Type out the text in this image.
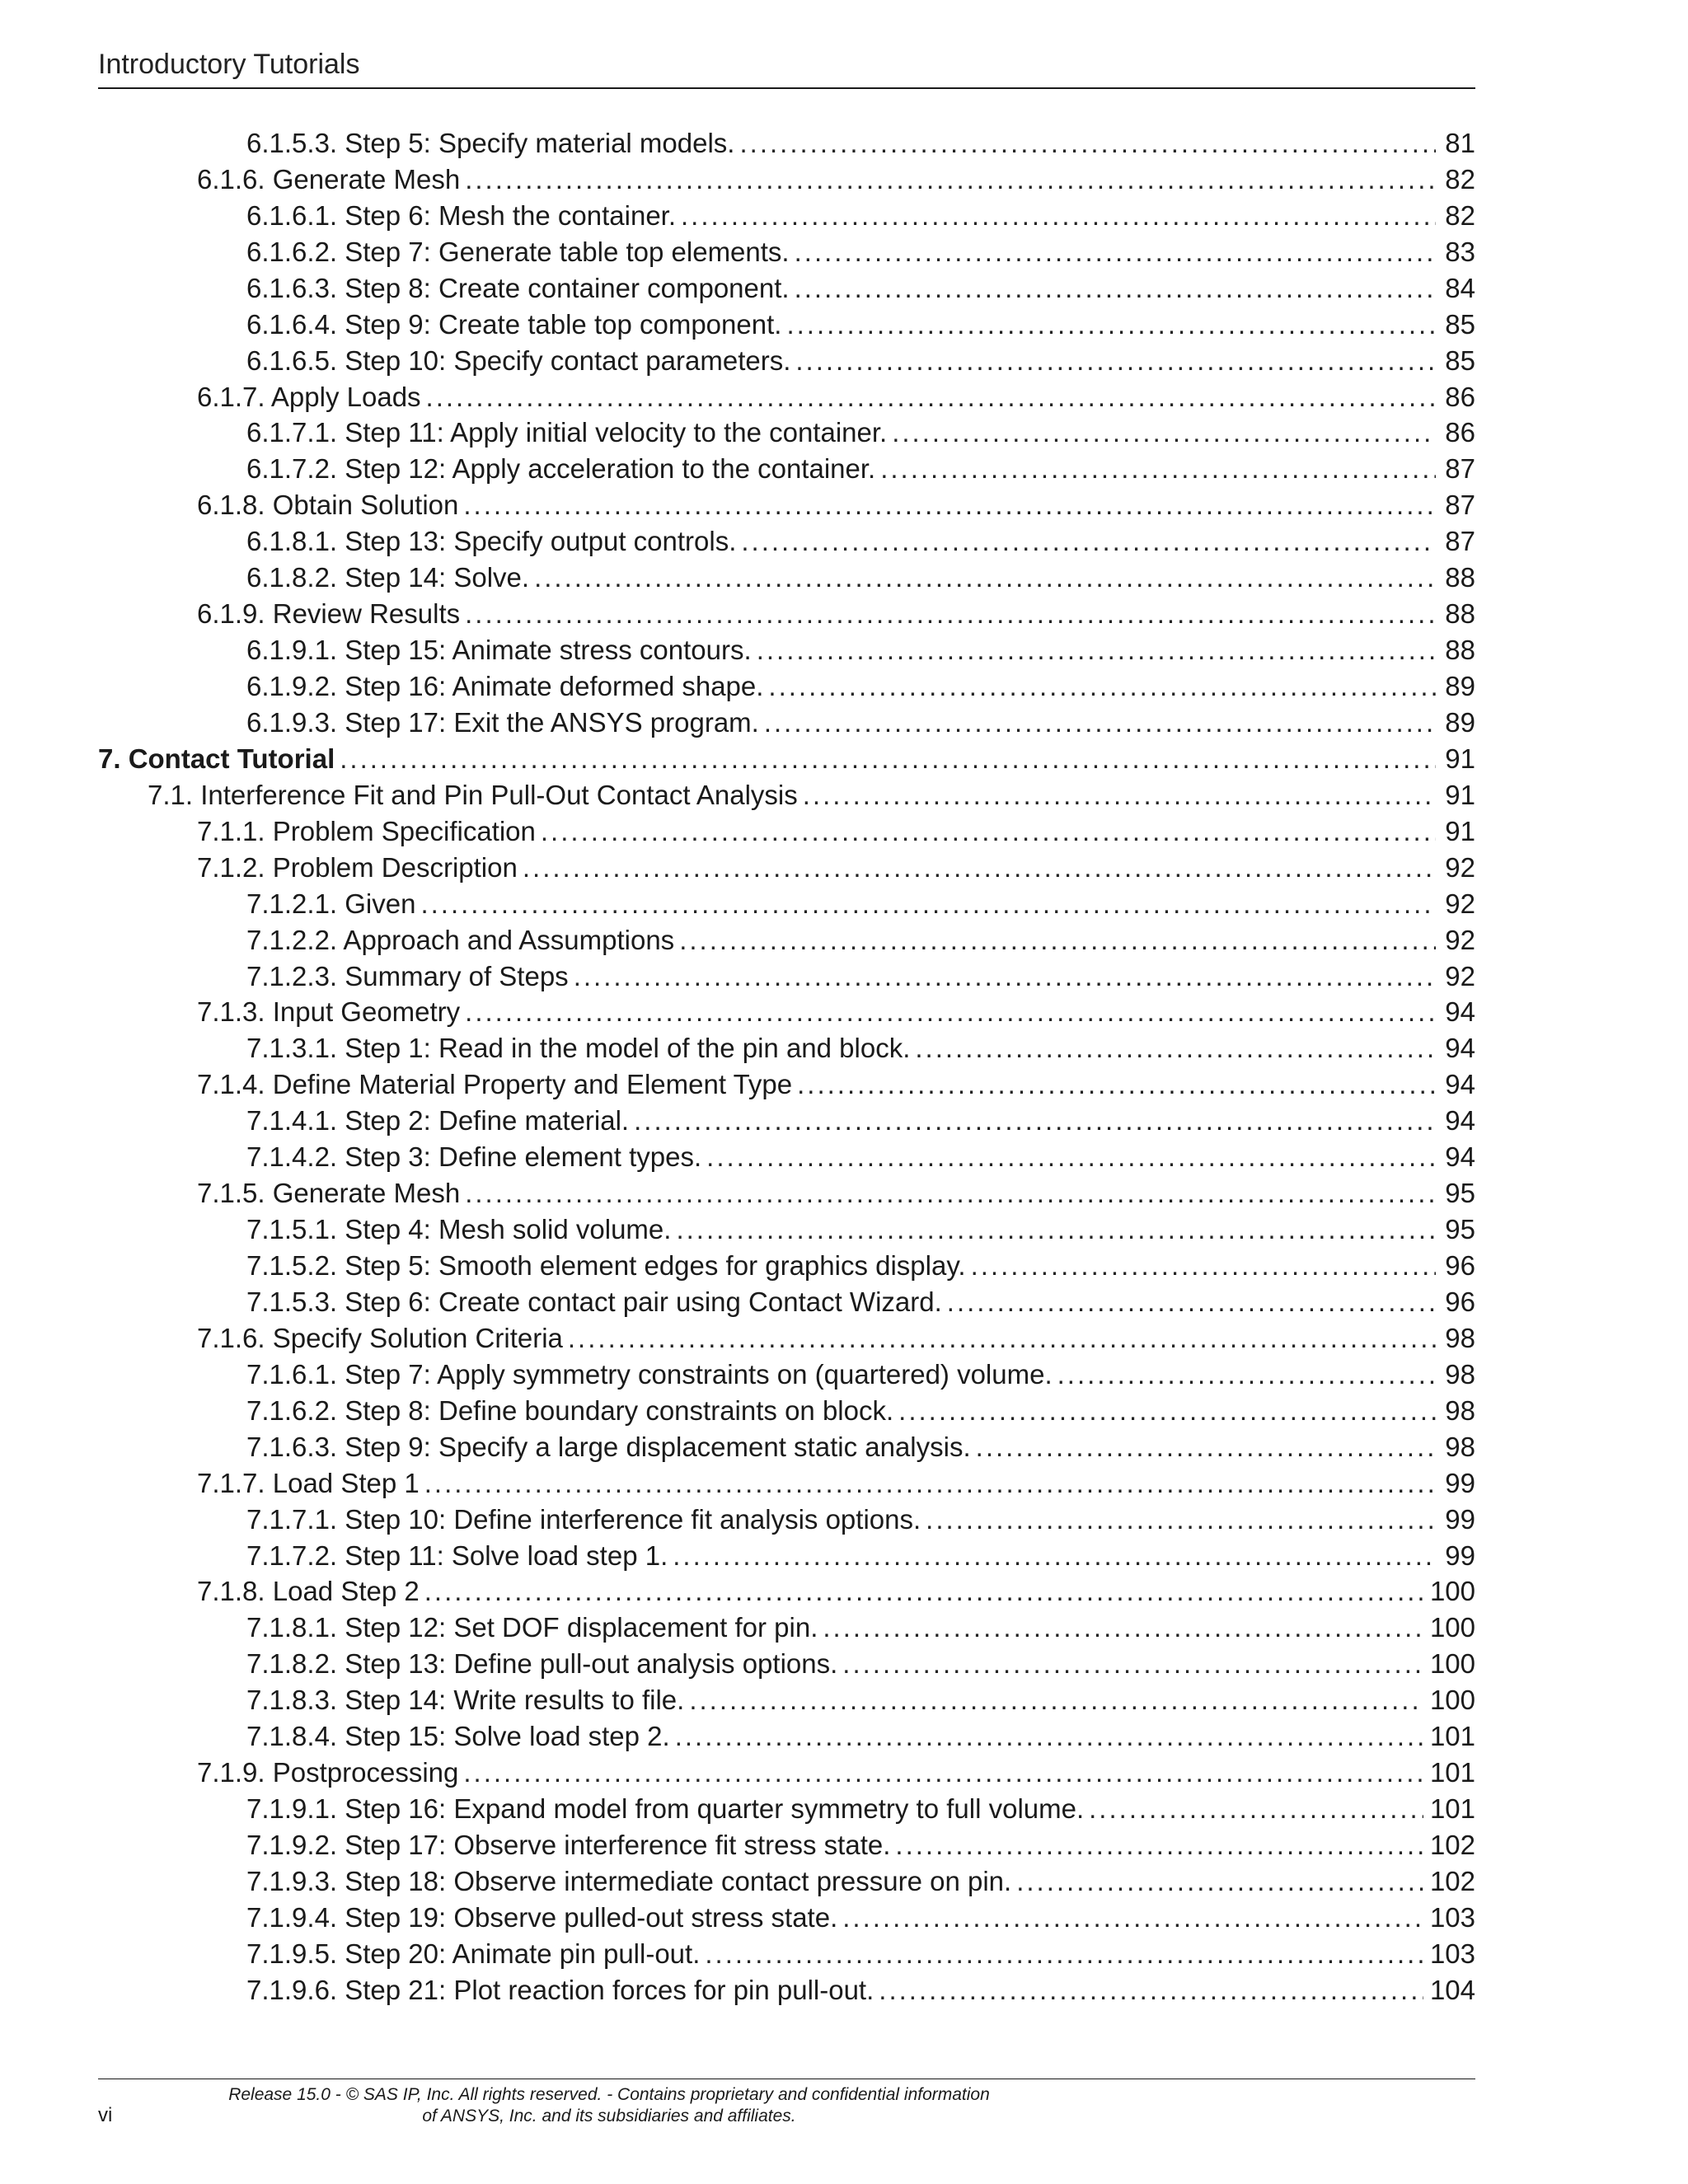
Introductory Tutorials
6.1.5.3. Step 5: Specify material models. .....	81
6.1.6. Generate Mesh .....	82
6.1.6.1. Step 6: Mesh the container. .....	82
6.1.6.2. Step 7: Generate table top elements. .....	83
6.1.6.3. Step 8: Create container component. .....	84
6.1.6.4. Step 9: Create table top component. .....	85
6.1.6.5. Step 10: Specify contact parameters. .....	85
6.1.7. Apply Loads .....	86
6.1.7.1. Step 11: Apply initial velocity to the container. .....	86
6.1.7.2. Step 12: Apply acceleration to the container. .....	87
6.1.8. Obtain Solution .....	87
6.1.8.1. Step 13: Specify output controls. .....	87
6.1.8.2. Step 14: Solve. .....	88
6.1.9. Review Results .....	88
6.1.9.1. Step 15: Animate stress contours. .....	88
6.1.9.2. Step 16: Animate deformed shape. .....	89
6.1.9.3. Step 17: Exit the ANSYS program. .....	89
7. Contact Tutorial .....	91
7.1. Interference Fit and Pin Pull-Out Contact Analysis .....	91
7.1.1. Problem Specification .....	91
7.1.2. Problem Description .....	92
7.1.2.1. Given .....	92
7.1.2.2. Approach and Assumptions .....	92
7.1.2.3. Summary of Steps .....	92
7.1.3. Input Geometry .....	94
7.1.3.1. Step 1: Read in the model of the pin and block. .....	94
7.1.4. Define Material Property and Element Type .....	94
7.1.4.1. Step 2: Define material. .....	94
7.1.4.2. Step 3: Define element types. .....	94
7.1.5. Generate Mesh .....	95
7.1.5.1. Step 4: Mesh solid volume. .....	95
7.1.5.2. Step 5: Smooth element edges for graphics display. .....	96
7.1.5.3. Step 6: Create contact pair using Contact Wizard. .....	96
7.1.6. Specify Solution Criteria .....	98
7.1.6.1. Step 7: Apply symmetry constraints on (quartered) volume. .....	98
7.1.6.2. Step 8: Define boundary constraints on block. .....	98
7.1.6.3. Step 9: Specify a large displacement static analysis. .....	98
7.1.7. Load Step 1 .....	99
7.1.7.1. Step 10: Define interference fit analysis options. .....	99
7.1.7.2. Step 11: Solve load step 1. .....	99
7.1.8. Load Step 2 .....	100
7.1.8.1. Step 12: Set DOF displacement for pin. .....	100
7.1.8.2. Step 13: Define pull-out analysis options. .....	100
7.1.8.3. Step 14: Write results to file. .....	100
7.1.8.4. Step 15: Solve load step 2. .....	101
7.1.9. Postprocessing .....	101
7.1.9.1. Step 16: Expand model from quarter symmetry to full volume. .....	101
7.1.9.2. Step 17: Observe interference fit stress state. .....	102
7.1.9.3. Step 18: Observe intermediate contact pressure on pin. .....	102
7.1.9.4. Step 19: Observe pulled-out stress state. .....	103
7.1.9.5. Step 20: Animate pin pull-out. .....	103
7.1.9.6. Step 21: Plot reaction forces for pin pull-out. .....	104
vi
Release 15.0 - © SAS IP, Inc. All rights reserved. - Contains proprietary and confidential information
of ANSYS, Inc. and its subsidiaries and affiliates.
